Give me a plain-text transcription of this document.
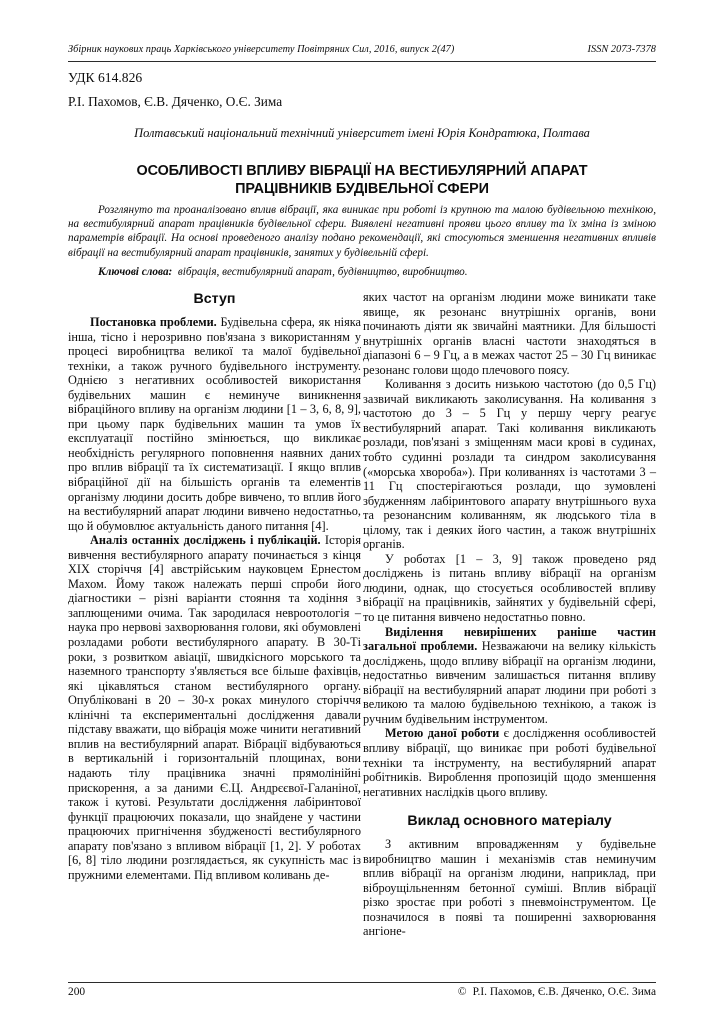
Збірник наукових праць Харківського університету Повітряних Сил, 2016, випуск 2(47)	ISSN 2073-7378
УДК 614.826
Р.І. Пахомов, Є.В. Дяченко, О.Є. Зима
Полтавський національний технічний університет імені Юрія Кондратюка, Полтава
ОСОБЛИВОСТІ ВПЛИВУ ВІБРАЦІЇ НА ВЕСТИБУЛЯРНИЙ АПАРАТ ПРАЦІВНИКІВ БУДІВЕЛЬНОЇ СФЕРИ
Розглянуто та проаналізовано вплив вібрації, яка виникає при роботі із крупною та малою будівельною технікою, на вестибулярний апарат працівників будівельної сфери. Виявлені негативні прояви цього впливу та їх зміна із зміною параметрів вібрації. На основі проведеного аналізу подано рекомендації, які стосуються зменшення негативних впливів вібрації на вестибулярний апарат працівників, занятих у будівельній сфері.
Ключові слова: вібрація, вестибулярний апарат, будівництво, виробництво.
Вступ

Постановка проблеми. Будівельна сфера, як ніяка інша, тісно і нерозривно пов'язана з використанням у процесі виробництва великої та малої будівельної техніки, а також ручного будівельного інструменту. Однією з негативних особливостей використання будівельних машин є неминуче виникнення вібраційного впливу на організм людини [1 – 3, 6, 8, 9], при цьому парк будівельних машин та умов їх експлуатації постійно змінюється, що викликає необхідність регулярного поповнення наявних даних про вплив вібрації та їх систематизації. І якщо вплив вібраційної дії на більшість органів та елементів організму людини досить добре вивчено, то вплив його на вестибулярний апарат людини вивчено недостатньо, що й обумовлює актуальність даного питання [4].

Аналіз останніх досліджень і публікацій. Історія вивчення вестибулярного апарату починається з кінця XIX сторіччя [4] австрійським науковцем Ернестом Махом. Йому також належать перші спроби його діагностики – різні варіанти стояння та ходіння з заплющеними очима. Так зародилася невроотологія – наука про нервові захворювання голови, які обумовлені розладами роботи вестибулярного апарату. В 30-Ті роки, з розвитком авіації, швидкісного морського та наземного транспорту з'являється все більше фахівців, які цікавляться станом вестибулярного органу. Опубліковані в 20 – 30-х роках минулого сторіччя клінічні та експериментальні дослідження давали підставу вважати, що вібрація може чинити негативний вплив на вестибулярний апарат. Вібрації відбуваються в вертикальній і горизонтальній площинах, вони надають тілу працівника значні прямолінійні прискорення, а за даними Є.Ц. Андрєєвої-Галаніної, також і кутові. Результати дослідження лабіринтової функції працюючих показали, що знайдене у частини працюючих пригнічення збудженості вестибулярного апарату пов'язано з впливом вібрації [1, 2]. У роботах [6, 8] тіло людини розглядається, як сукупність мас із пружними елементами. Під впливом коливань де-

яких частот на організм людини може виникати таке явище, як резонанс внутрішніх органів, вони починають діяти як звичайні маятники. Для більшості внутрішніх органів власні частоти знаходяться в діапазоні 6 – 9 Гц, а в межах частот 25 – 30 Гц виникає резонанс голови щодо плечового поясу.

Коливання з досить низькою частотою (до 0,5 Гц) зазвичай викликають заколисування. На коливання з частотою до 3 – 5 Гц у першу чергу реагує вестибулярний апарат. Такі коливання викликають розлади, пов'язані з зміщенням маси крові в судинах, тобто судинні розлади та синдром заколисування («морська хвороба»). При коливаннях із частотами 3 – 11 Гц спостерігаються розлади, що зумовлені збудженням лабіринтового апарату внутрішнього вуха та резонансним коливанням, як людського тіла в цілому, так і деяких його частин, а також внутрішніх органів.

У роботах [1 – 3, 9] також проведено ряд досліджень із питань впливу вібрації на організм людини, однак, що стосується особливостей впливу вібрації на працівників, зайнятих у будівельній сфері, то це питання вивчено недостатньо повно.

Виділення невирішених раніше частин загальної проблеми. Незважаючи на велику кількість досліджень, щодо впливу вібрації на організм людини, недостатньо вивченим залишається питання впливу вібрації на вестибулярний апарат людини при роботі з великою та малою будівельною технікою, а також із ручним будівельним інструментом.

Метою даної роботи є дослідження особливостей впливу вібрації, що виникає при роботі будівельної техніки та інструменту, на вестибулярний апарат робітників. Вироблення пропозицій щодо зменшення негативних наслідків цього впливу.

Виклад основного матеріалу

З активним впровадженням у будівельне виробництво машин і механізмів став неминучим вплив вібрації на організм людини, наприклад, при віброущільненням бетонної суміші. Вплив вібрації різко зростає при роботі з пневмоінструментом. Це позначилося в появі та поширенні захворювання ангіоне-

200	© Р.І. Пахомов, Є.В. Дяченко, О.Є. Зима
